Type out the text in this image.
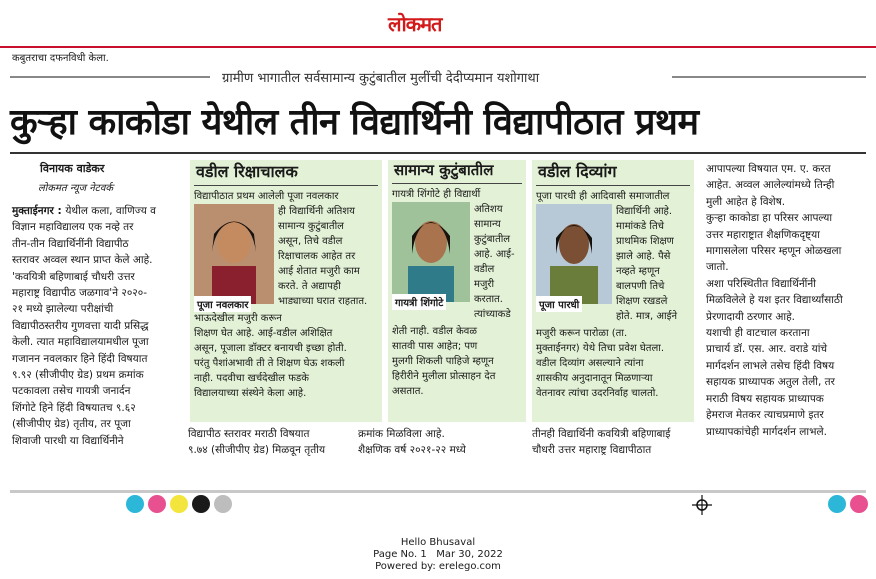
लोकमत
कबुतराचा दफनविधी केला.
ग्रामीण भागातील सर्वसामान्य कुटुंबातील मुलींची देदीप्यमान यशोगाथा
कुऱ्हा काकोडा येथील तीन विद्यार्थिनी विद्यापीठात प्रथम
विनायक वाडेकर
लोकमत न्यूज नेटवर्क
मुक्ताईनगर : येथील कला, वाणिज्य व
विज्ञान महाविद्यालय एक नव्हे तर
तीन-तीन विद्यार्थिनींनी विद्यापीठ
स्तरावर अव्वल स्थान प्राप्त केले आहे.
'कवयित्री बहिणाबाई चौधरी उत्तर
महाराष्ट्र विद्यापीठ जळगाव'ने २०२०-
२१ मध्ये झालेल्या परीक्षांची
विद्यापीठस्तरीय गुणवत्ता यादी प्रसिद्ध
केली. त्यात महाविद्यालयामधील पूजा
गजानन नवलकार हिने हिंदी विषयात
९.९२ (सीजीपीए ग्रेड) प्रथम क्रमांक
पटकावला तसेच गायत्री जनार्दन
शिंगोटे हिने हिंदी विषयातच ९.६२
(सीजीपीए ग्रेड) तृतीय, तर पूजा
शिवाजी पारधी या विद्यार्थिनीने
वडील रिक्षाचालक
विद्यापीठात प्रथम आलेली पूजा नवलकार
पूजा नवलकार
ही विद्यार्थिनी अतिशय
सामान्य कुटुंबातील
असून, तिचे वडील
रिक्षाचालक आहेत तर
आई शेतात मजुरी काम
करते. ते अद्यापही
भाड्याच्या घरात राहतात.
भाऊदेखील मजुरी करून
शिक्षण घेत आहे. आई-वडील अशिक्षित
असून, पूजाला डॉक्टर बनायची इच्छा होती.
परंतु पैशांअभावी ती ते शिक्षण घेऊ शकली
नाही. पदवीचा खर्चदेखील फडके
विद्यालयाच्या संस्थेने केला आहे.
सामान्य कुटुंबातील
गायत्री शिंगोटे ही विद्यार्थी
गायत्री शिंगोटे
अतिशय
सामान्य
कुटुंबातील
आहे. आई-
वडील
मजुरी
करतात.
त्यांच्याकडे
शेती नाही. वडील केवळ
सातवी पास आहेत; पण
मुलगी शिकली पाहिजे म्हणून
हिरीरीने मुलीला प्रोत्साहन देत
असतात.
वडील दिव्यांग
पूजा पारधी ही आदिवासी समाजातील
पूजा पारधी
विद्यार्थिनी आहे.
मामांकडे तिचे
प्राथमिक शिक्षण
झाले आहे. पैसे
नव्हते म्हणून
बालपणी तिचे
शिक्षण रखडले
होते. मात्र, आईने
मजुरी करून पारोळा (ता.
मुक्ताईनगर) येथे तिचा प्रवेश घेतला.
वडील दिव्यांग असल्याने त्यांना
शासकीय अनुदानातून मिळणाऱ्या
वेतनावर त्यांचा उदरनिर्वाह चालतो.
विद्यापीठ स्तरावर मराठी विषयात
९.७४ (सीजीपीए ग्रेड) मिळवून तृतीय
क्रमांक मिळविला आहे.
शैक्षणिक वर्ष २०२१-२२ मध्ये
तीनही विद्यार्थिनी कवयित्री बहिणाबाई
चौधरी उत्तर महाराष्ट्र विद्यापीठात
आपापल्या विषयात एम. ए. करत
आहेत. अव्वल आलेल्यांमध्ये तिन्ही
मुली आहेत हे विशेष.
कुऱ्हा काकोडा हा परिसर आपल्या
उत्तर महाराष्ट्रात शैक्षणिकदृष्ट्या
मागासलेला परिसर म्हणून ओळखला
जातो.
अशा परिस्थितीत विद्यार्थिनींनी
मिळविलेले हे यश इतर विद्यार्थ्यांसाठी
प्रेरणादायी ठरणार आहे.
यशाची ही वाटचाल करताना
प्राचार्य डॉ. एस. आर. वराडे यांचे
मार्गदर्शन लाभले तसेच हिंदी विषय
सहायक प्राध्यापक अतुल तेली, तर
मराठी विषय सहायक प्राध्यापक
हेमराज मेतकर त्याचप्रमाणे इतर
प्राध्यापकांचेही मार्गदर्शन लाभले.
Hello Bhusaval
Page No. 1   Mar 30, 2022
Powered by: erelego.com
